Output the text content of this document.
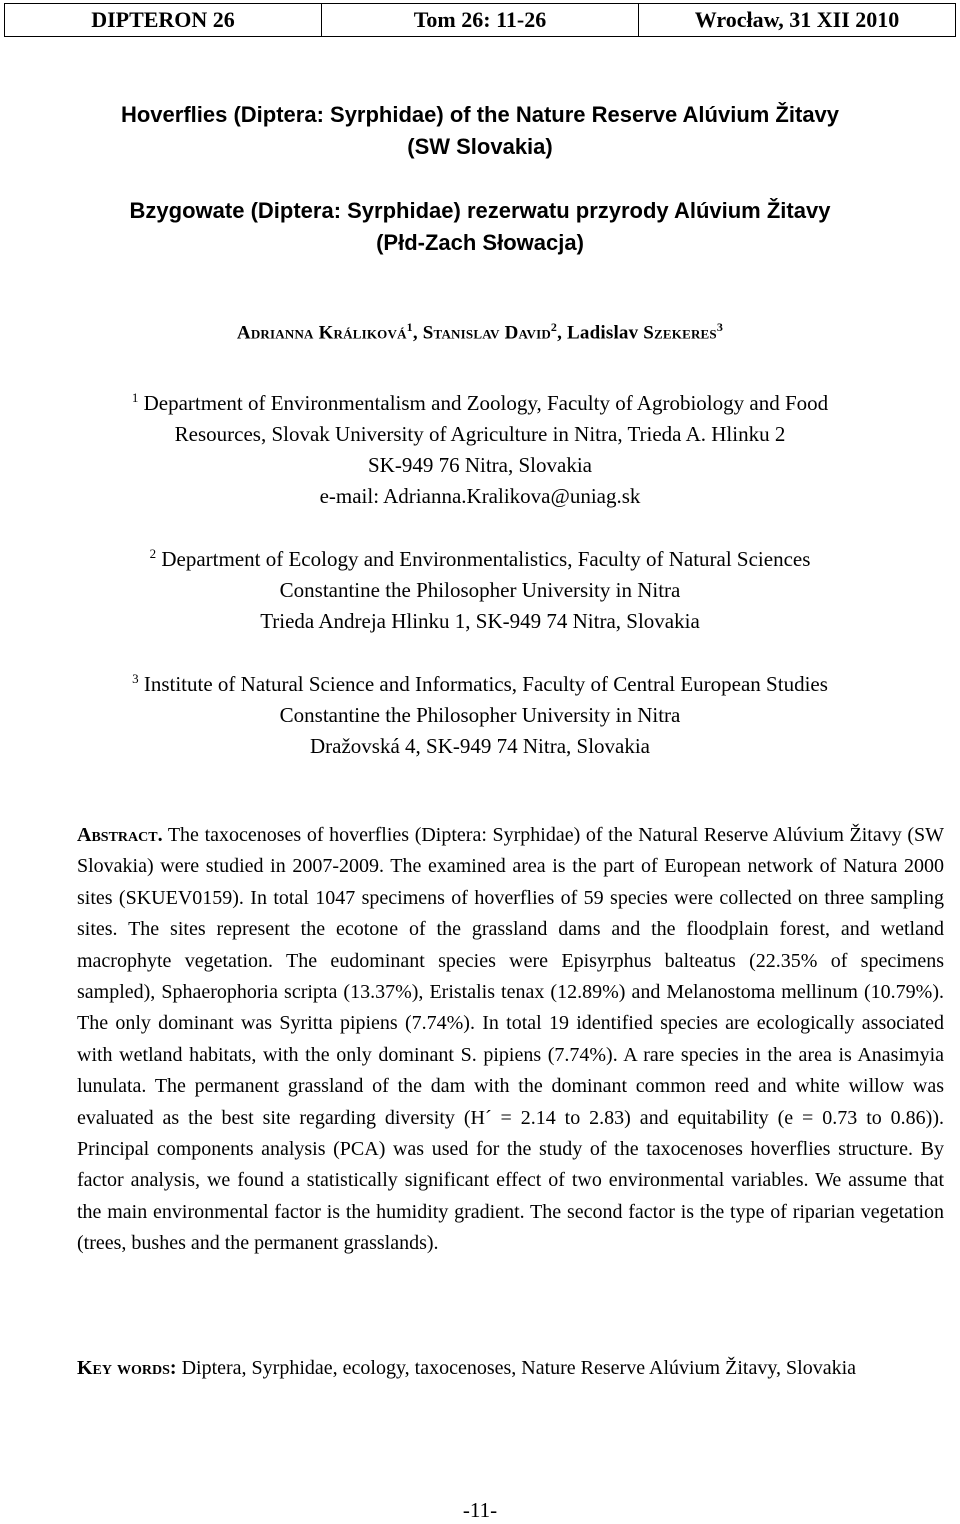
DIPTERON 26	Tom 26: 11-26	Wrocław, 31 XII 2010
Hoverflies (Diptera: Syrphidae) of the Nature Reserve Alúvium Žitavy
(SW Slovakia)
Bzygowate (Diptera: Syrphidae) rezerwatu przyrody Alúvium Žitavy
(Płd-Zach Słowacja)
Adrianna Králiková$^1$, Stanislav David$^2$, Ladislav Szekeres$^3$
$^1$ Department of Environmentalism and Zoology, Faculty of Agrobiology and Food
Resources, Slovak University of Agriculture in Nitra, Trieda A. Hlinku 2
SK-949 76 Nitra, Slovakia
e-mail: Adrianna.Kralikova@uniag.sk
$^2$ Department of Ecology and Environmentalistics, Faculty of Natural Sciences
Constantine the Philosopher University in Nitra
Trieda Andreja Hlinku 1, SK-949 74 Nitra, Slovakia
$^3$ Institute of Natural Science and Informatics, Faculty of Central European Studies
Constantine the Philosopher University in Nitra
Dražovská 4, SK-949 74 Nitra, Slovakia
Abstract. The taxocenoses of hoverflies (Diptera: Syrphidae) of the Natural Reserve Alúvium Žitavy (SW Slovakia) were studied in 2007-2009. The examined area is the part of European network of Natura 2000 sites (SKUEV0159). In total 1047 specimens of hoverflies of 59 species were collected on three sampling sites. The sites represent the ecotone of the grassland dams and the floodplain forest, and wetland macrophyte vegetation. The eudominant species were Episyrphus balteatus (22.35% of specimens sampled), Sphaerophoria scripta (13.37%), Eristalis tenax (12.89%) and Melanostoma mellinum (10.79%). The only dominant was Syritta pipiens (7.74%). In total 19 identified species are ecologically associated with wetland habitats, with the only dominant S. pipiens (7.74%). A rare species in the area is Anasimyia lunulata. The permanent grassland of the dam with the dominant common reed and white willow was evaluated as the best site regarding diversity (H´ = 2.14 to 2.83) and equitability (e = 0.73 to 0.86)). Principal components analysis (PCA) was used for the study of the taxocenoses hoverflies structure. By factor analysis, we found a statistically significant effect of two environmental variables. We assume that the main environmental factor is the humidity gradient. The second factor is the type of riparian vegetation (trees, bushes and the permanent grasslands).
Key words: Diptera, Syrphidae, ecology, taxocenoses, Nature Reserve Alúvium Žitavy, Slovakia
-11-
